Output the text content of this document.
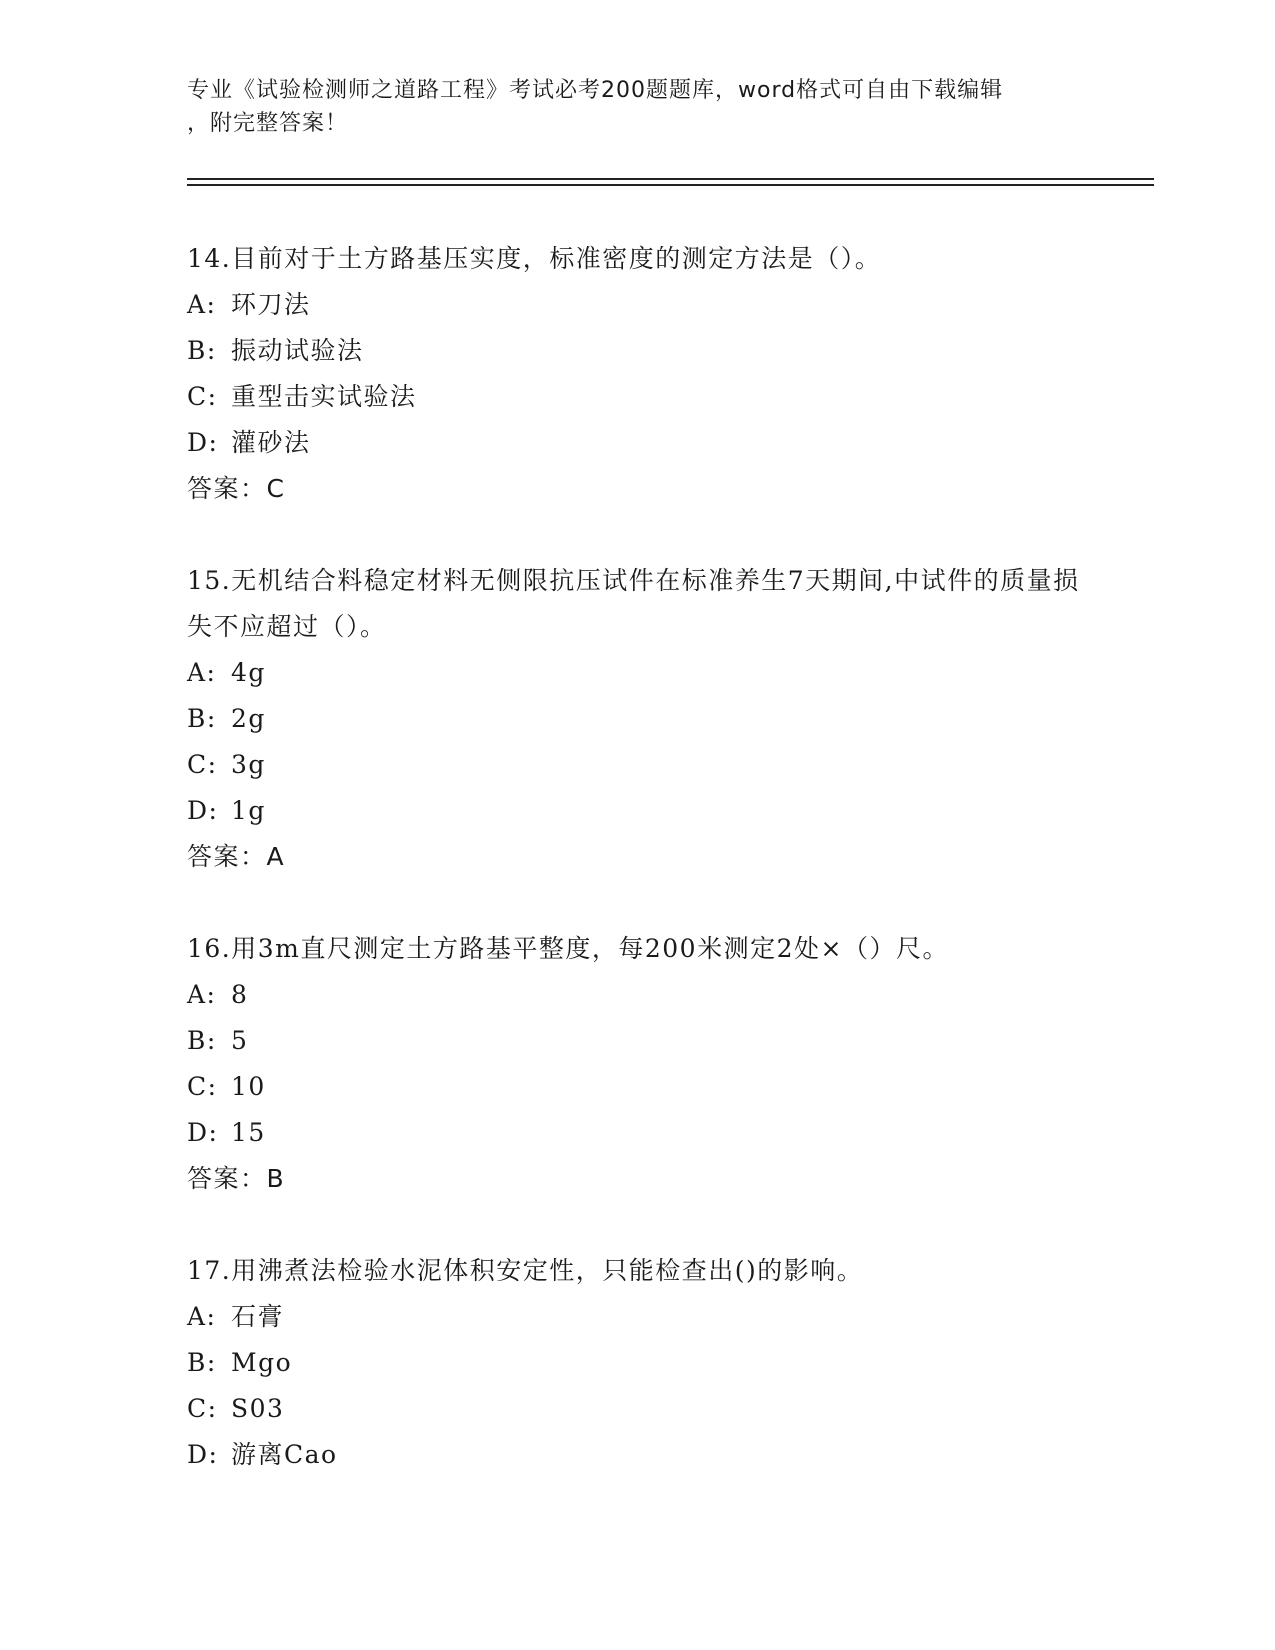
专业《试验检测师之道路工程》考试必考200题题库，word格式可自由下载编辑
，附完整答案！

14.目前对于土方路基压实度，标准密度的测定方法是（）。

A: 环刀法
B: 振动试验法
C: 重型击实试验法
D: 灌砂法
答案：C

15.无机结合料稳定材料无侧限抗压试件在标准养生7天期间,中试件的质量损失不应超过（）。

A: 4g
B: 2g
C: 3g
D: 1g
答案：A

16.用3m直尺测定土方路基平整度，每200米测定2处×（）尺。

A: 8
B: 5
C: 10
D: 15
答案：B

17.用沸煮法检验水泥体积安定性，只能检查出()的影响。

A: 石膏
B: Mgo
C: S03
D: 游离Cao
